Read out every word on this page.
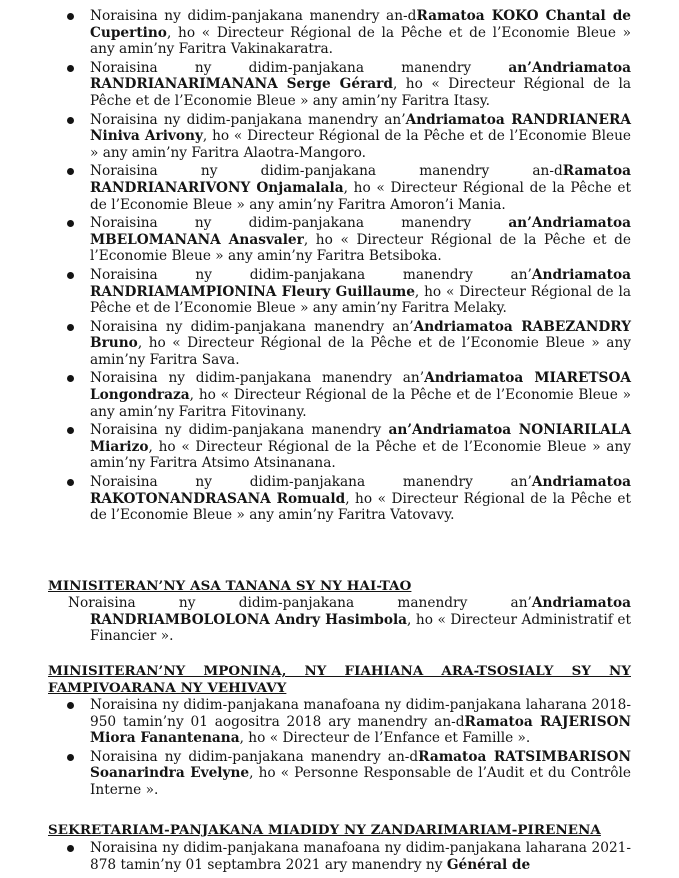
Noraisina ny didim-panjakana manendry an-dRamatoa KOKO Chantal de Cupertino, ho « Directeur Régional de la Pêche et de l’Economie Bleue » any amin’ny Faritra Vakinakaratra.
Noraisina ny didim-panjakana manendry an’Andriamatoa RANDRIANARIMANANA Serge Gérard, ho « Directeur Régional de la Pêche et de l’Economie Bleue » any amin’ny Faritra Itasy.
Noraisina ny didim-panjakana manendry an’Andriamatoa RANDRIANERA Niniva Arivony, ho « Directeur Régional de la Pêche et de l’Economie Bleue » any amin’ny Faritra Alaotra-Mangoro.
Noraisina ny didim-panjakana manendry an-dRamatoa RANDRIANARIVONY Onjamalala, ho « Directeur Régional de la Pêche et de l’Economie Bleue » any amin’ny Faritra Amoron’i Mania.
Noraisina ny didim-panjakana manendry an’Andriamatoa MBELOMANANA Anasvaler, ho « Directeur Régional de la Pêche et de l’Economie Bleue » any amin’ny Faritra Betsiboka.
Noraisina ny didim-panjakana manendry an’Andriamatoa RANDRIAMAMPIONINA Fleury Guillaume, ho « Directeur Régional de la Pêche et de l’Economie Bleue » any amin’ny Faritra Melaky.
Noraisina ny didim-panjakana manendry an’Andriamatoa RABEZANDRY Bruno, ho « Directeur Régional de la Pêche et de l’Economie Bleue » any amin’ny Faritra Sava.
Noraisina ny didim-panjakana manendry an’Andriamatoa MIARETSOA Longondraza, ho « Directeur Régional de la Pêche et de l’Economie Bleue » any amin’ny Faritra Fitovinany.
Noraisina ny didim-panjakana manendry an’Andriamatoa NONIARILALA Miarizo, ho « Directeur Régional de la Pêche et de l’Economie Bleue » any amin’ny Faritra Atsimo Atsinanana.
Noraisina ny didim-panjakana manendry an’Andriamatoa RAKOTONANDRASANA Romuald, ho « Directeur Régional de la Pêche et de l’Economie Bleue » any amin’ny Faritra Vatovavy.
MINISITERAN’NY ASA TANANA SY NY HAI-TAO
Noraisina ny didim-panjakana manendry an’Andriamatoa RANDRIAMBOLOLONA Andry Hasimbola, ho « Directeur Administratif et Financier ».
MINISITERAN’NY MPONINA, NY FIAHIANA ARA-TSOSIALY SY NY FAMPIVOARANA NY VEHIVAVY
Noraisina ny didim-panjakana manafoana ny didim-panjakana laharana 2018-950 tamin’ny 01 aogositra 2018 ary manendry an-dRamatoa RAJERISON Miora Fanantenana, ho « Directeur de l’Enfance et Famille ».
Noraisina ny didim-panjakana manendry an-dRamatoa RATSIMBARISON Soanarindra Evelyne, ho « Personne Responsable de l’Audit et du Contrôle Interne ».
SEKRETARIAM-PANJAKANA MIADIDY NY ZANDARIMARIAM-PIRENENA
Noraisina ny didim-panjakana manafoana ny didim-panjakana laharana 2021-878 tamin’ny 01 septambra 2021 ary manendry ny Général de
